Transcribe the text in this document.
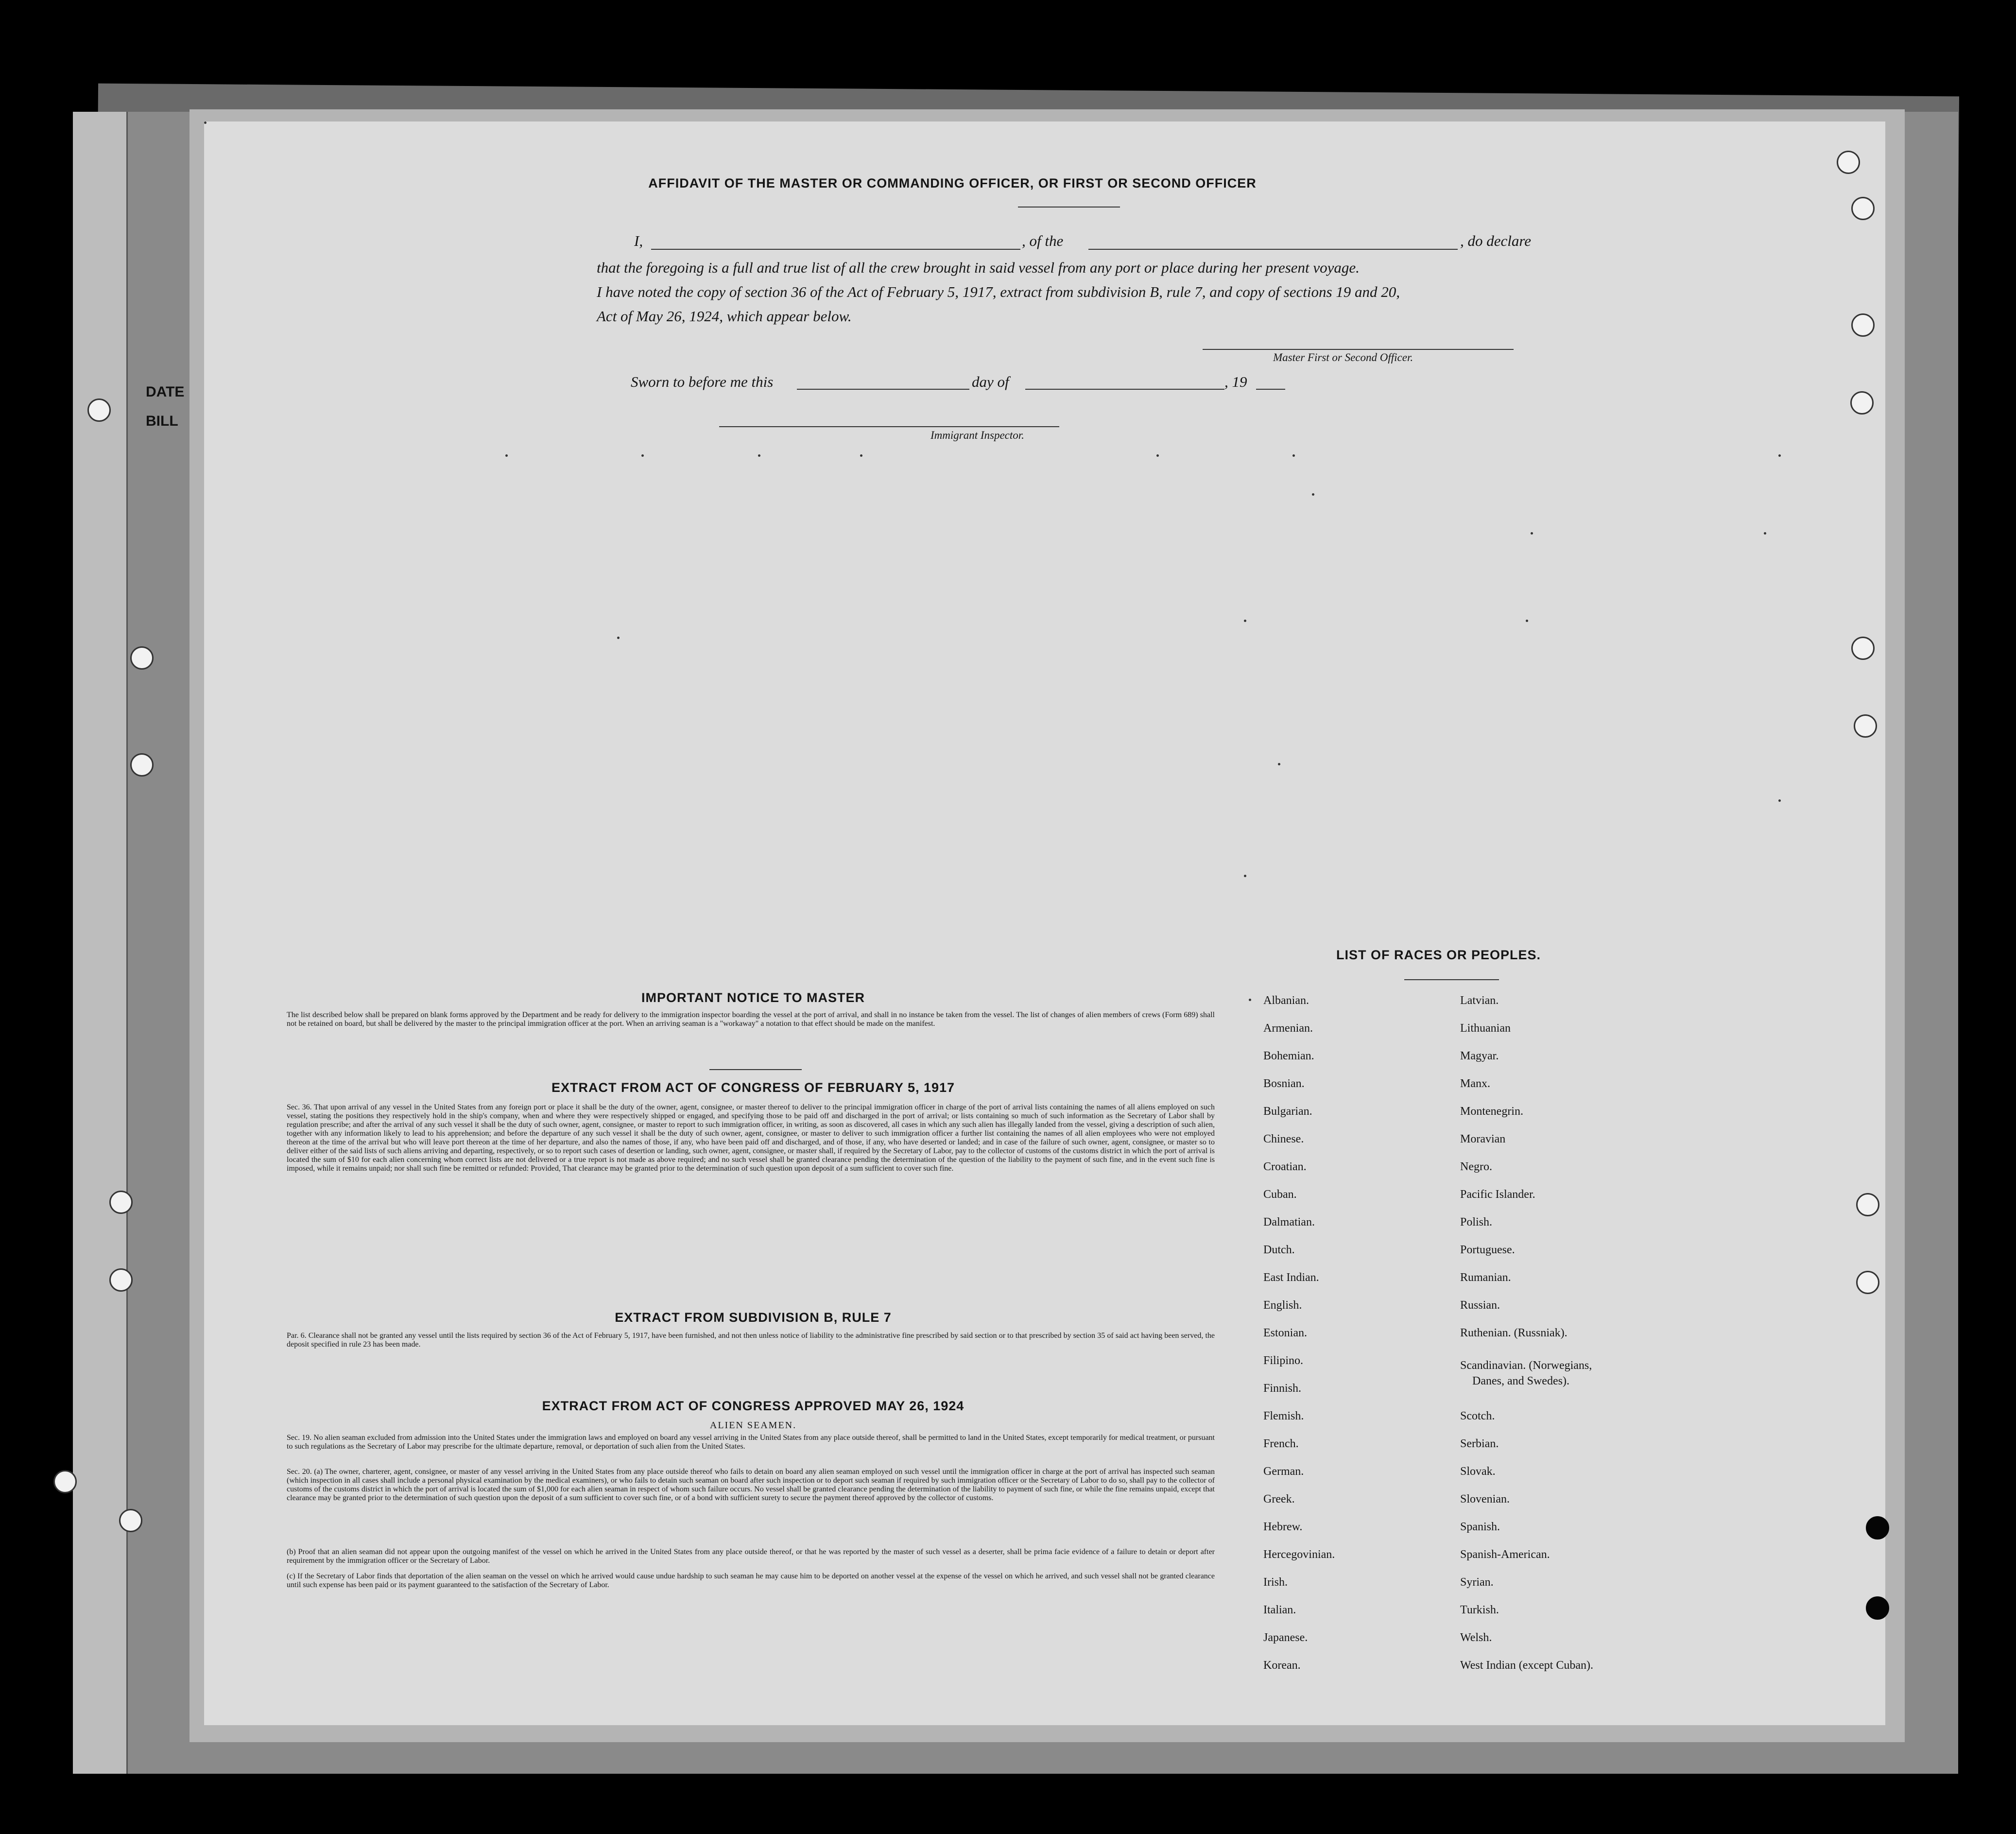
DATE
BILL
AFFIDAVIT OF THE MASTER OR COMMANDING OFFICER, OR FIRST OR SECOND OFFICER
I,	, of the	, do declare
that the foregoing is a full and true list of all the crew brought in said vessel from any port or place during her present voyage.
I have noted the copy of section 36 of the Act of February 5, 1917, extract from subdivision B, rule 7, and copy of sections 19 and 20,
Act of May 26, 1924, which appear below.
Master First or Second Officer.
Sworn to before me this	day of	, 19
Immigrant Inspector.
IMPORTANT NOTICE TO MASTER
The list described below shall be prepared on blank forms approved by the Department and be ready for delivery to the immigration inspector boarding the vessel at the port of arrival, and shall in no instance be taken from the vessel. The list of changes of alien members of crews (Form 689) shall not be retained on board, but shall be delivered by the master to the principal immigration officer at the port. When an arriving seaman is a "workaway" a notation to that effect should be made on the manifest.
EXTRACT FROM ACT OF CONGRESS OF FEBRUARY 5, 1917
Sec. 36. That upon arrival of any vessel in the United States from any foreign port or place it shall be the duty of the owner, agent, consignee, or master thereof to deliver to the principal immigration officer in charge of the port of arrival lists containing the names of all aliens employed on such vessel, stating the positions they respectively hold in the ship's company, when and where they were respectively shipped or engaged, and specifying those to be paid off and discharged in the port of arrival; or lists containing so much of such information as the Secretary of Labor shall by regulation prescribe; and after the arrival of any such vessel it shall be the duty of such owner, agent, consignee, or master to report to such immigration officer, in writing, as soon as discovered, all cases in which any such alien has illegally landed from the vessel, giving a description of such alien, together with any information likely to lead to his apprehension; and before the departure of any such vessel it shall be the duty of such owner, agent, consignee, or master to deliver to such immigration officer a further list containing the names of all alien employees who were not employed thereon at the time of the arrival but who will leave port thereon at the time of her departure, and also the names of those, if any, who have been paid off and discharged, and of those, if any, who have deserted or landed; and in case of the failure of such owner, agent, consignee, or master so to deliver either of the said lists of such aliens arriving and departing, respectively, or so to report such cases of desertion or landing, such owner, agent, consignee, or master shall, if required by the Secretary of Labor, pay to the collector of customs of the customs district in which the port of arrival is located the sum of $10 for each alien concerning whom correct lists are not delivered or a true report is not made as above required; and no such vessel shall be granted clearance pending the determination of the question of the liability to the payment of such fine, and in the event such fine is imposed, while it remains unpaid; nor shall such fine be remitted or refunded: Provided, That clearance may be granted prior to the determination of such question upon deposit of a sum sufficient to cover such fine.
EXTRACT FROM SUBDIVISION B, RULE 7
Par. 6. Clearance shall not be granted any vessel until the lists required by section 36 of the Act of February 5, 1917, have been furnished, and not then unless notice of liability to the administrative fine prescribed by said section or to that prescribed by section 35 of said act having been served, the deposit specified in rule 23 has been made.
EXTRACT FROM ACT OF CONGRESS APPROVED MAY 26, 1924
ALIEN SEAMEN.
Sec. 19. No alien seaman excluded from admission into the United States under the immigration laws and employed on board any vessel arriving in the United States from any place outside thereof, shall be permitted to land in the United States, except temporarily for medical treatment, or pursuant to such regulations as the Secretary of Labor may prescribe for the ultimate departure, removal, or deportation of such alien from the United States.
Sec. 20. (a) The owner, charterer, agent, consignee, or master of any vessel arriving in the United States from any place outside thereof who fails to detain on board any alien seaman employed on such vessel until the immigration officer in charge at the port of arrival has inspected such seaman (which inspection in all cases shall include a personal physical examination by the medical examiners), or who fails to detain such seaman on board after such inspection or to deport such seaman if required by such immigration officer or the Secretary of Labor to do so, shall pay to the collector of customs of the customs district in which the port of arrival is located the sum of $1,000 for each alien seaman in respect of whom such failure occurs. No vessel shall be granted clearance pending the determination of the liability to payment of such fine, or while the fine remains unpaid, except that clearance may be granted prior to the determination of such question upon the deposit of a sum sufficient to cover such fine, or of a bond with sufficient surety to secure the payment thereof approved by the collector of customs.
(b) Proof that an alien seaman did not appear upon the outgoing manifest of the vessel on which he arrived in the United States from any place outside thereof, or that he was reported by the master of such vessel as a deserter, shall be prima facie evidence of a failure to detain or deport after requirement by the immigration officer or the Secretary of Labor.
(c) If the Secretary of Labor finds that deportation of the alien seaman on the vessel on which he arrived would cause undue hardship to such seaman he may cause him to be deported on another vessel at the expense of the vessel on which he arrived, and such vessel shall not be granted clearance until such expense has been paid or its payment guaranteed to the satisfaction of the Secretary of Labor.
LIST OF RACES OR PEOPLES.
Albanian.
Armenian.
Bohemian.
Bosnian.
Bulgarian.
Chinese.
Croatian.
Cuban.
Dalmatian.
Dutch.
East Indian.
English.
Estonian.
Filipino.
Finnish.
Flemish.
French.
German.
Greek.
Hebrew.
Hercegovinian.
Irish.
Italian.
Japanese.
Korean.
Latvian.
Lithuanian
Magyar.
Manx.
Montenegrin.
Moravian
Negro.
Pacific Islander.
Polish.
Portuguese.
Rumanian.
Russian.
Ruthenian. (Russniak).
Scandinavian. (Norwegians,
Danes, and Swedes).
Scotch.
Serbian.
Slovak.
Slovenian.
Spanish.
Spanish-American.
Syrian.
Turkish.
Welsh.
West Indian (except Cuban).
